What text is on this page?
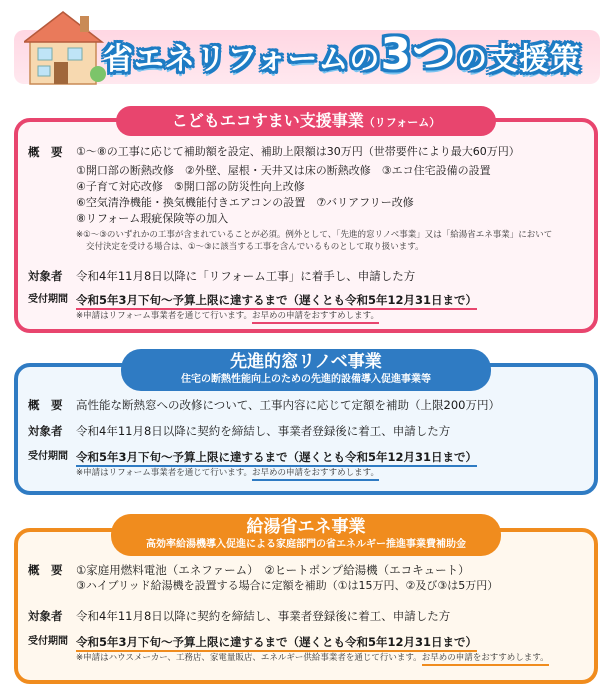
省エネリフォームの3つの支援策
こどもエコすまい支援事業（リフォーム）
概　要	①～⑧の工事に応じて補助額を設定、補助上限額は30万円（世帯要件により最大60万円）
①開口部の断熱改修　 ②外壁、屋根・天井又は床の断熱改修　 ③エコ住宅設備の設置
④子育て対応改修　 ⑤開口部の防災性向上改修
⑥空気清浄機能・換気機能付きエアコンの設置　 ⑦バリアフリー改修
⑧リフォーム瑕疵保険等の加入
※①～③のいずれかの工事が含まれていることが必須。例外として、「先進的窓リノベ事業」又は「給湯省エネ事業」において
交付決定を受ける場合は、①～③に該当する工事を含んでいるものとして取り扱います。
対象者	令和4年11月8日以降に「リフォーム工事」に着手し、申請した方
受付期間 令和5年3月下旬～予算上限に達するまで（遅くとも令和5年12月31日まで）
※申請はリフォーム事業者を通じて行います。お早めの申請をおすすめします。
先進的窓リノベ事業
住宅の断熱性能向上のための先進的設備導入促進事業等
概　要	高性能な断熱窓への改修について、工事内容に応じて定額を補助（上限200万円）
対象者	令和4年11月8日以降に契約を締結し、事業者登録後に着工、申請した方
受付期間 令和5年3月下旬～予算上限に達するまで（遅くとも令和5年12月31日まで）
※申請はリフォーム事業者を通じて行います。お早めの申請をおすすめします。
給湯省エネ事業
高効率給湯機導入促進による家庭部門の省エネルギー推進事業費補助金
概　要	①家庭用燃料電池（エネファーム）　②ヒートポンプ給湯機（エコキュート）
③ハイブリッド給湯機を設置する場合に定額を補助（①は15万円、②及び③は5万円）
対象者	令和4年11月8日以降に契約を締結し、事業者登録後に着工、申請した方
受付期間 令和5年3月下旬～予算上限に達するまで（遅くとも令和5年12月31日まで）
※申請はハウスメーカー、工務店、家電量販店、エネルギー供給事業者を通じて行います。お早めの申請をおすすめします。
